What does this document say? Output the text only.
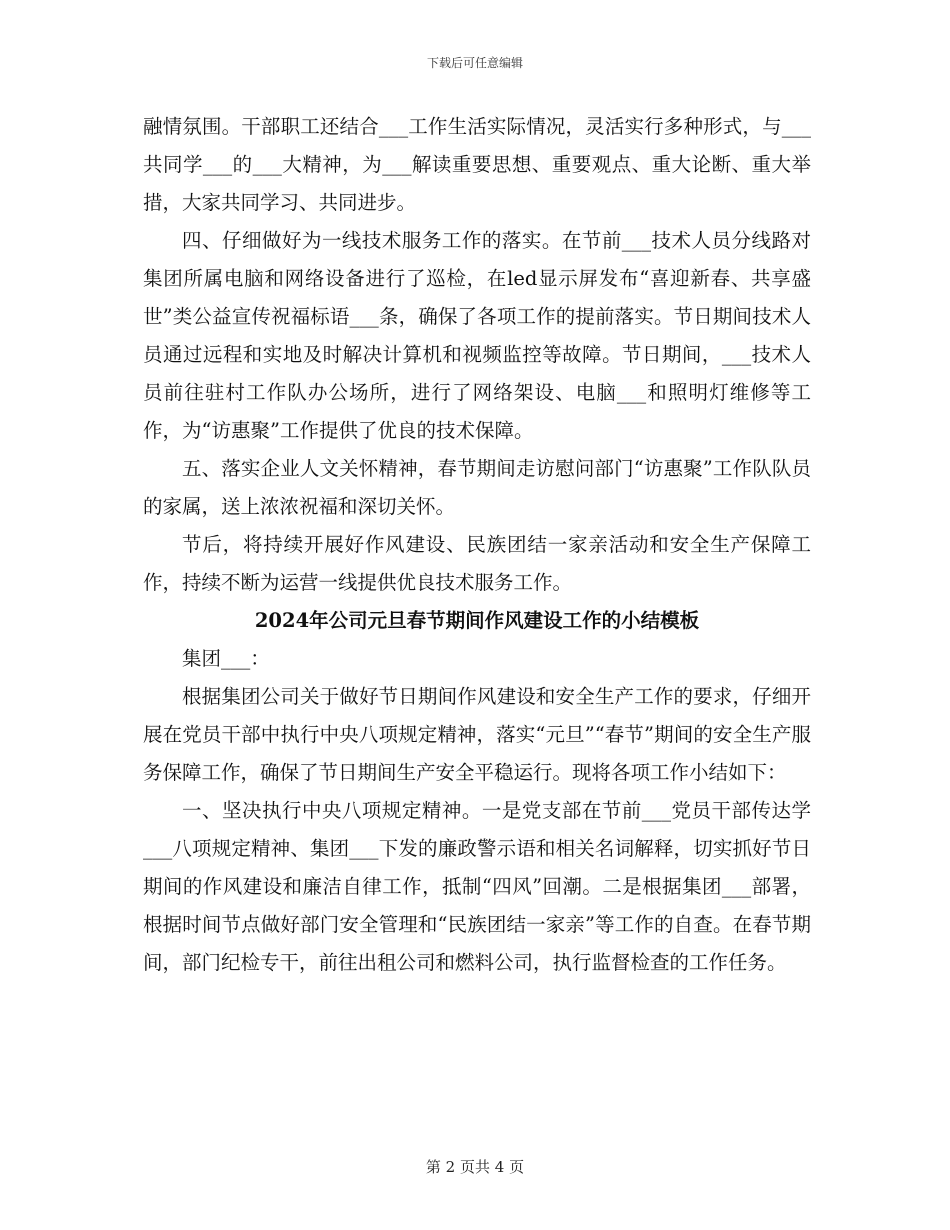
下载后可任意编辑

融情氛围。干部职工还结合___工作生活实际情况，灵活实行多种形式，与___共同学___的___大精神，为___解读重要思想、重要观点、重大论断、重大举措，大家共同学习、共同进步。

四、仔细做好为一线技术服务工作的落实。在节前___技术人员分线路对集团所属电脑和网络设备进行了巡检，在led显示屏发布“喜迎新春、共享盛世”类公益宣传祝福标语___条，确保了各项工作的提前落实。节日期间技术人员通过远程和实地及时解决计算机和视频监控等故障。节日期间，___技术人员前往驻村工作队办公场所，进行了网络架设、电脑___和照明灯维修等工作，为“访惠聚”工作提供了优良的技术保障。

五、落实企业人文关怀精神，春节期间走访慰问部门“访惠聚”工作队队员的家属，送上浓浓祝福和深切关怀。

节后，将持续开展好作风建设、民族团结一家亲活动和安全生产保障工作，持续不断为运营一线提供优良技术服务工作。

2024年公司元旦春节期间作风建设工作的小结模板

集团___：

根据集团公司关于做好节日期间作风建设和安全生产工作的要求，仔细开展在党员干部中执行中央八项规定精神，落实“元旦”“春节”期间的安全生产服务保障工作，确保了节日期间生产安全平稳运行。现将各项工作小结如下：

一、坚决执行中央八项规定精神。一是党支部在节前___党员干部传达学___八项规定精神、集团___下发的廉政警示语和相关名词解释，切实抓好节日期间的作风建设和廉洁自律工作，抵制“四风”回潮。二是根据集团___部署，根据时间节点做好部门安全管理和“民族团结一家亲”等工作的自查。在春节期间，部门纪检专干，前往出租公司和燃料公司，执行监督检查的工作任务。

第 2 页共 4 页
